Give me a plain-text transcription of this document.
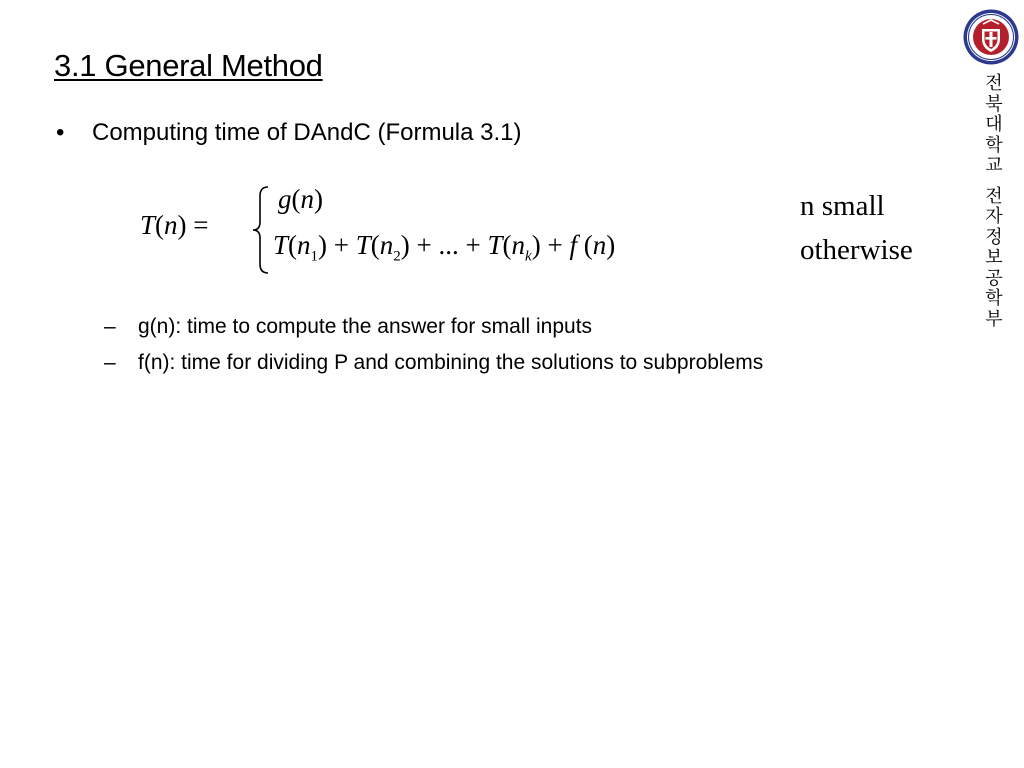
3.1 General Method
•	Computing time of DAndC (Formula 3.1)
T(n) =
g(n)
$T(n_1) + T(n_2)$ + ... + $T(n_k) + f$ (n)
n small
otherwise
–	g(n): time to compute the answer for small inputs
–	f(n): time for dividing P and combining the solutions to subproblems
전
북
대
학
교
전
자
정
보
공
학
부
